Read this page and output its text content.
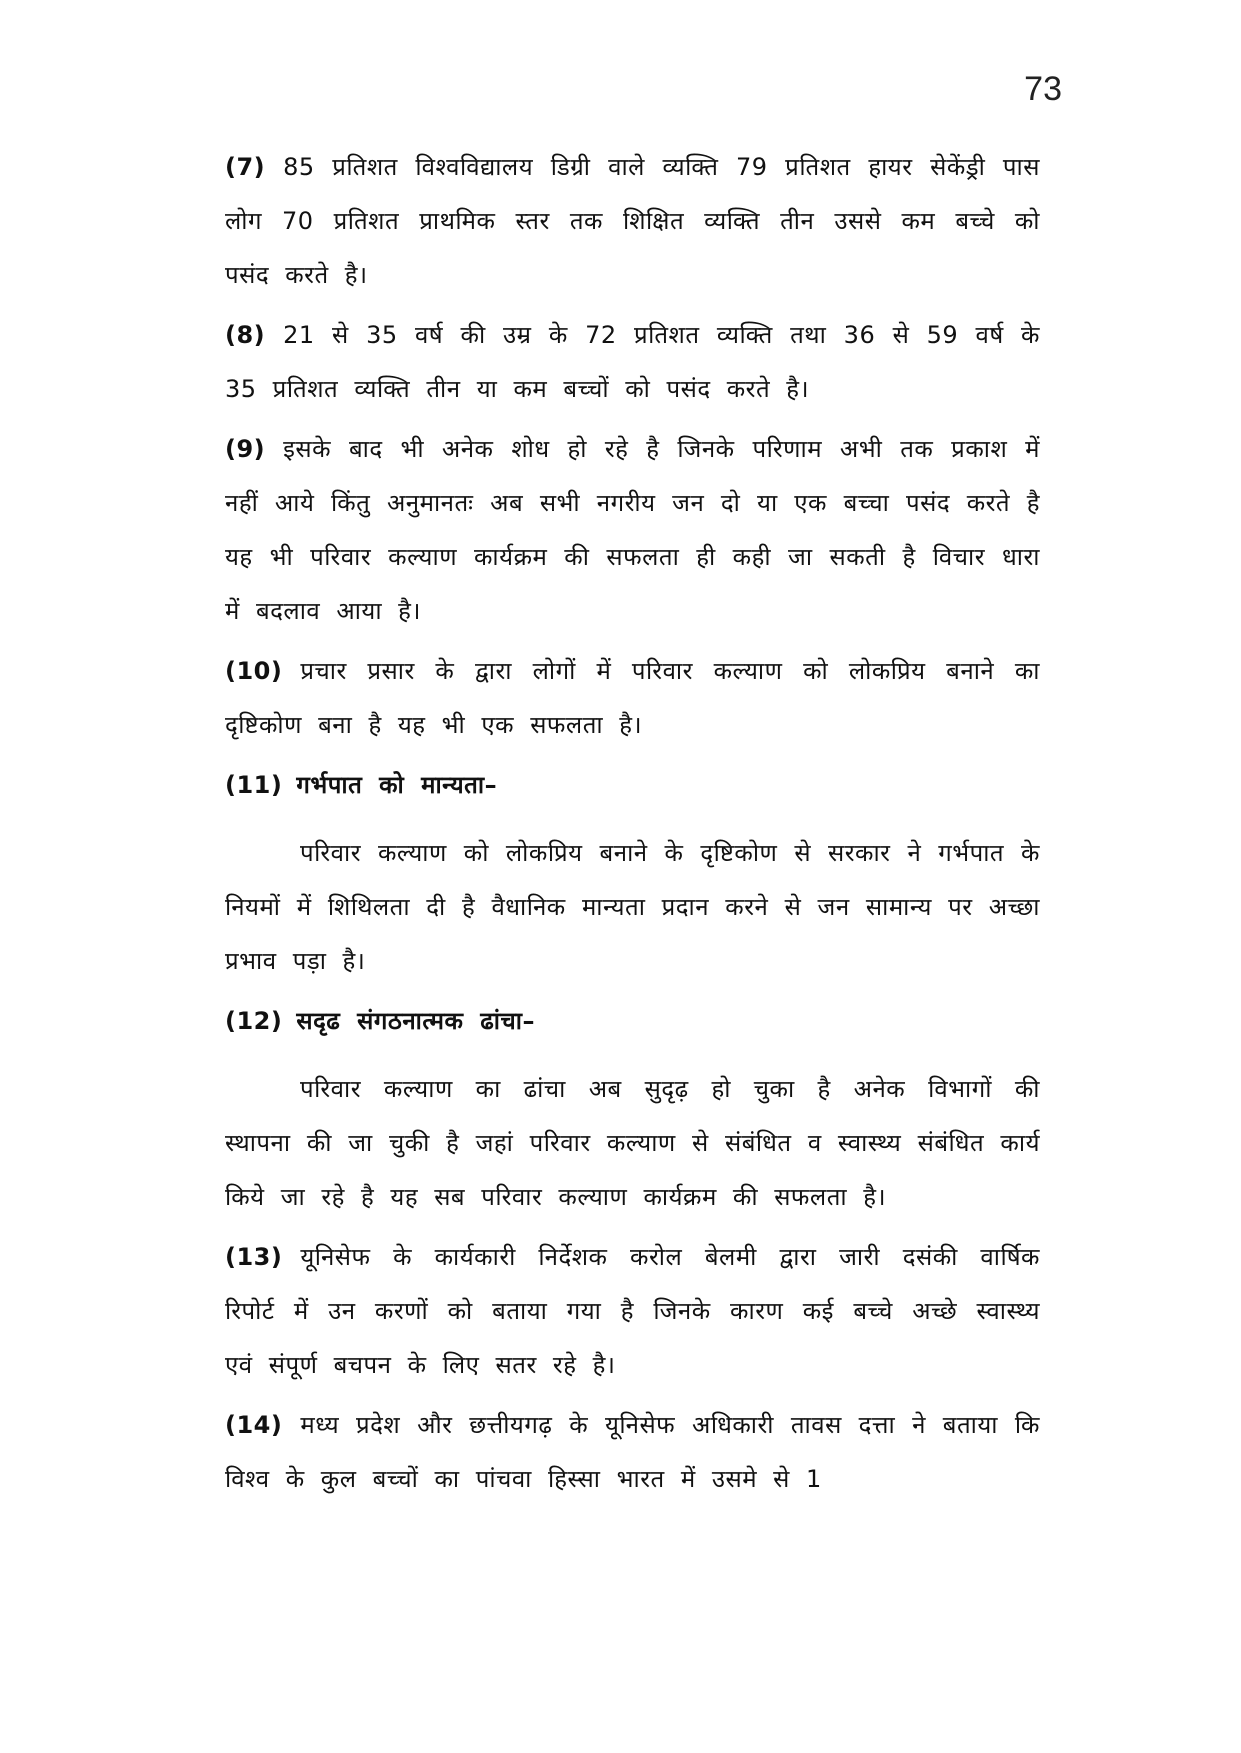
73

(7) 85 प्रतिशत विश्वविद्यालय डिग्री वाले व्यक्ति 79 प्रतिशत हायर सेकेंड्री पास लोग 70 प्रतिशत प्राथमिक स्तर तक शिक्षित व्यक्ति तीन उससे कम बच्चे को पसंद करते है।

(8) 21 से 35 वर्ष की उम्र के 72 प्रतिशत व्यक्ति तथा 36 से 59 वर्ष के 35 प्रतिशत व्यक्ति तीन या कम बच्चों को पसंद करते है।

(9) इसके बाद भी अनेक शोध हो रहे है जिनके परिणाम अभी तक प्रकाश में नहीं आये किंतु अनुमानतः अब सभी नगरीय जन दो या एक बच्चा पसंद करते है यह भी परिवार कल्याण कार्यक्रम की सफलता ही कही जा सकती है विचार धारा में बदलाव आया है।

(10) प्रचार प्रसार के द्वारा लोगों में परिवार कल्याण को लोकप्रिय बनाने का दृष्टिकोण बना है यह भी एक सफलता है।

(11) गर्भपात को मान्यता–

परिवार कल्याण को लोकप्रिय बनाने के दृष्टिकोण से सरकार ने गर्भपात के नियमों में शिथिलता दी है वैधानिक मान्यता प्रदान करने से जन सामान्य पर अच्छा प्रभाव पड़ा है।

(12) सदृढ संगठनात्मक ढांचा–

परिवार कल्याण का ढांचा अब सुदृढ़ हो चुका है अनेक विभागों की स्थापना की जा चुकी है जहां परिवार कल्याण से संबंधित व स्वास्थ्य संबंधित कार्य किये जा रहे है यह सब परिवार कल्याण कार्यक्रम की सफलता है।

(13) यूनिसेफ के कार्यकारी निर्देशक करोल बेलमी द्वारा जारी दसंकी वार्षिक रिपोर्ट में उन करणों को बताया गया है जिनके कारण कई बच्चे अच्छे स्वास्थ्य एवं संपूर्ण बचपन के लिए सतर रहे है।

(14) मध्य प्रदेश और छत्तीयगढ़ के यूनिसेफ अधिकारी तावस दत्ता ने बताया कि विश्व के कुल बच्चों का पांचवा हिस्सा भारत में उसमे से 1
